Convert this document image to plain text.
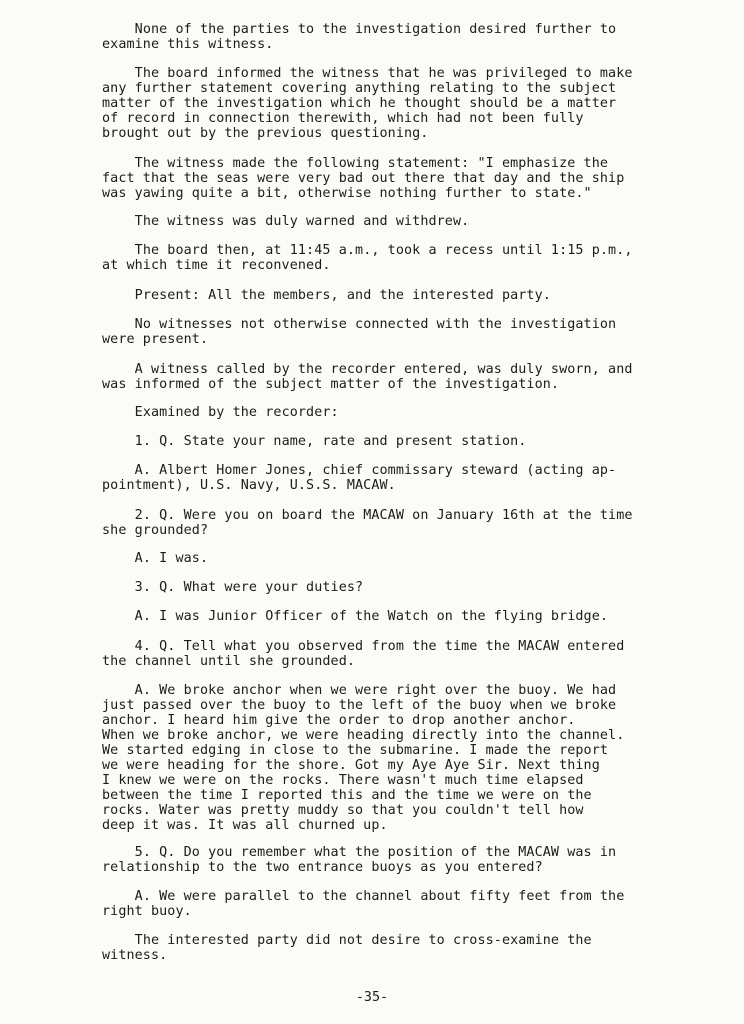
None of the parties to the investigation desired further to
examine this witness.

The board informed the witness that he was privileged to make
any further statement covering anything relating to the subject
matter of the investigation which he thought should be a matter
of record in connection therewith, which had not been fully
brought out by the previous questioning.

The witness made the following statement: "I emphasize the
fact that the seas were very bad out there that day and the ship
was yawing quite a bit, otherwise nothing further to state."

The witness was duly warned and withdrew.

The board then, at 11:45 a.m., took a recess until 1:15 p.m.,
at which time it reconvened.

Present: All the members, and the interested party.

No witnesses not otherwise connected with the investigation
were present.

A witness called by the recorder entered, was duly sworn, and
was informed of the subject matter of the investigation.

Examined by the recorder:

1. Q. State your name, rate and present station.

A. Albert Homer Jones, chief commissary steward (acting ap-
pointment), U.S. Navy, U.S.S. MACAW.

2. Q. Were you on board the MACAW on January 16th at the time
she grounded?

A. I was.

3. Q. What were your duties?

A. I was Junior Officer of the Watch on the flying bridge.

4. Q. Tell what you observed from the time the MACAW entered
the channel until she grounded.

A. We broke anchor when we were right over the buoy. We had
just passed over the buoy to the left of the buoy when we broke
anchor. I heard him give the order to drop another anchor.
When we broke anchor, we were heading directly into the channel.
We started edging in close to the submarine. I made the report
we were heading for the shore. Got my Aye Aye Sir. Next thing
I knew we were on the rocks. There wasn't much time elapsed
between the time I reported this and the time we were on the
rocks. Water was pretty muddy so that you couldn't tell how
deep it was. It was all churned up.

5. Q. Do you remember what the position of the MACAW was in
relationship to the two entrance buoys as you entered?

A. We were parallel to the channel about fifty feet from the
right buoy.

The interested party did not desire to cross-examine the
witness.

-35-
